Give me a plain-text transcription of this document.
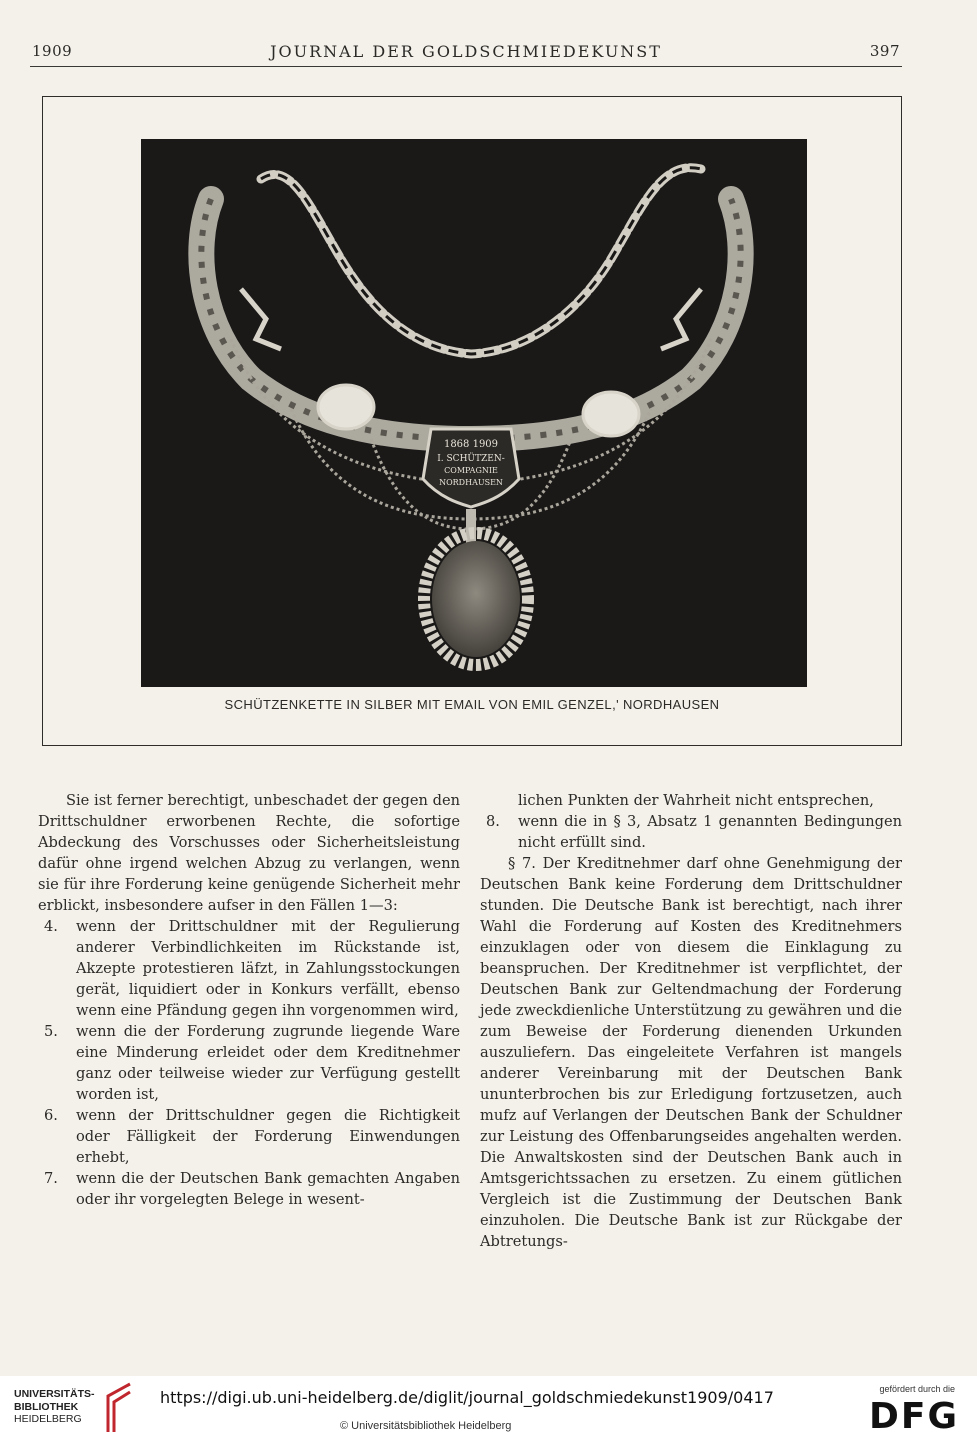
1909	JOURNAL DER GOLDSCHMIEDEKUNST	397
1868 1909
I. SCHÜTZEN-
COMPAGNIE
NORDHAUSEN
SCHÜTZENKETTE IN SILBER MIT EMAIL VON EMIL GENZEL,' NORDHAUSEN

Sie ist ferner berechtigt, unbeschadet der gegen den Drittschuldner erworbenen Rechte, die sofortige Abdeckung des Vorschusses oder Sicherheitsleistung dafür ohne irgend welchen Abzug zu verlangen, wenn sie für ihre Forderung keine genügende Sicherheit mehr erblickt, insbesondere aufser in den Fällen 1—3:

4. wenn der Drittschuldner mit der Regulierung anderer Verbindlichkeiten im Rückstande ist, Akzepte protestieren läfzt, in Zahlungsstockungen gerät, liquidiert oder in Konkurs verfällt, ebenso wenn eine Pfändung gegen ihn vorgenommen wird,

5. wenn die der Forderung zugrunde liegende Ware eine Minderung erleidet oder dem Kreditnehmer ganz oder teilweise wieder zur Verfügung gestellt worden ist,

6. wenn der Drittschuldner gegen die Richtigkeit oder Fälligkeit der Forderung Einwendungen erhebt,

7. wenn die der Deutschen Bank gemachten Angaben oder ihr vorgelegten Belege in wesent-

lichen Punkten der Wahrheit nicht entsprechen,

8. wenn die in § 3, Absatz 1 genannten Bedingungen nicht erfüllt sind.

§ 7. Der Kreditnehmer darf ohne Genehmigung der Deutschen Bank keine Forderung dem Drittschuldner stunden. Die Deutsche Bank ist berechtigt, nach ihrer Wahl die Forderung auf Kosten des Kreditnehmers einzuklagen oder von diesem die Einklagung zu beanspruchen. Der Kreditnehmer ist verpflichtet, der Deutschen Bank zur Geltendmachung der Forderung jede zweckdienliche Unterstützung zu gewähren und die zum Beweise der Forderung dienenden Urkunden auszuliefern. Das eingeleitete Verfahren ist mangels anderer Vereinbarung mit der Deutschen Bank ununterbrochen bis zur Erledigung fortzusetzen, auch mufz auf Verlangen der Deutschen Bank der Schuldner zur Leistung des Offenbarungseides angehalten werden. Die Anwaltskosten sind der Deutschen Bank auch in Amtsgerichtssachen zu ersetzen. Zu einem gütlichen Vergleich ist die Zustimmung der Deutschen Bank einzuholen. Die Deutsche Bank ist zur Rückgabe der Abtretungs-

UNIVERSITÄTS-
BIBLIOTHEK
HEIDELBERG
https://digi.ub.uni-heidelberg.de/diglit/journal_goldschmiedekunst1909/0417
© Universitätsbibliothek Heidelberg
gefördert durch die
DFG
